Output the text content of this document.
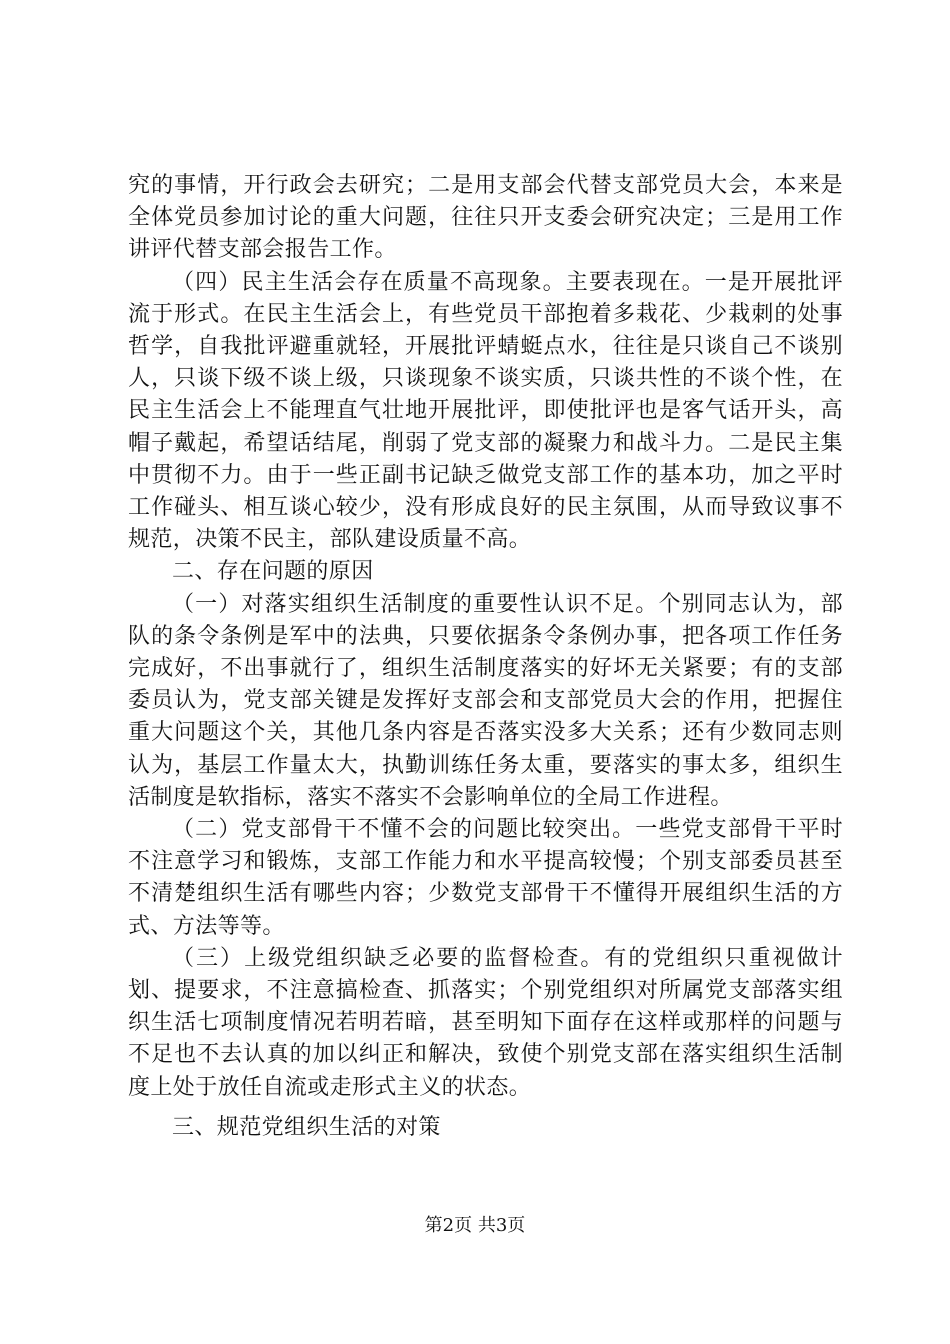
究的事情，开行政会去研究；二是用支部会代替支部党员大会，本来是全体党员参加讨论的重大问题，往往只开支委会研究决定；三是用工作讲评代替支部会报告工作。

（四）民主生活会存在质量不高现象。主要表现在。一是开展批评流于形式。在民主生活会上，有些党员干部抱着多栽花、少栽刺的处事哲学，自我批评避重就轻，开展批评蜻蜓点水，往往是只谈自己不谈别人，只谈下级不谈上级，只谈现象不谈实质，只谈共性的不谈个性，在民主生活会上不能理直气壮地开展批评，即使批评也是客气话开头，高帽子戴起，希望话结尾，削弱了党支部的凝聚力和战斗力。二是民主集中贯彻不力。由于一些正副书记缺乏做党支部工作的基本功，加之平时工作碰头、相互谈心较少，没有形成良好的民主氛围，从而导致议事不规范，决策不民主，部队建设质量不高。

二、存在问题的原因

（一）对落实组织生活制度的重要性认识不足。个别同志认为，部队的条令条例是军中的法典，只要依据条令条例办事，把各项工作任务完成好，不出事就行了，组织生活制度落实的好坏无关紧要；有的支部委员认为，党支部关键是发挥好支部会和支部党员大会的作用，把握住重大问题这个关，其他几条内容是否落实没多大关系；还有少数同志则认为，基层工作量太大，执勤训练任务太重，要落实的事太多，组织生活制度是软指标，落实不落实不会影响单位的全局工作进程。

（二）党支部骨干不懂不会的问题比较突出。一些党支部骨干平时不注意学习和锻炼，支部工作能力和水平提高较慢；个别支部委员甚至不清楚组织生活有哪些内容；少数党支部骨干不懂得开展组织生活的方式、方法等等。

（三）上级党组织缺乏必要的监督检查。有的党组织只重视做计划、提要求，不注意搞检查、抓落实；个别党组织对所属党支部落实组织生活七项制度情况若明若暗，甚至明知下面存在这样或那样的问题与不足也不去认真的加以纠正和解决，致使个别党支部在落实组织生活制度上处于放任自流或走形式主义的状态。

三、规范党组织生活的对策

第2页 共3页
